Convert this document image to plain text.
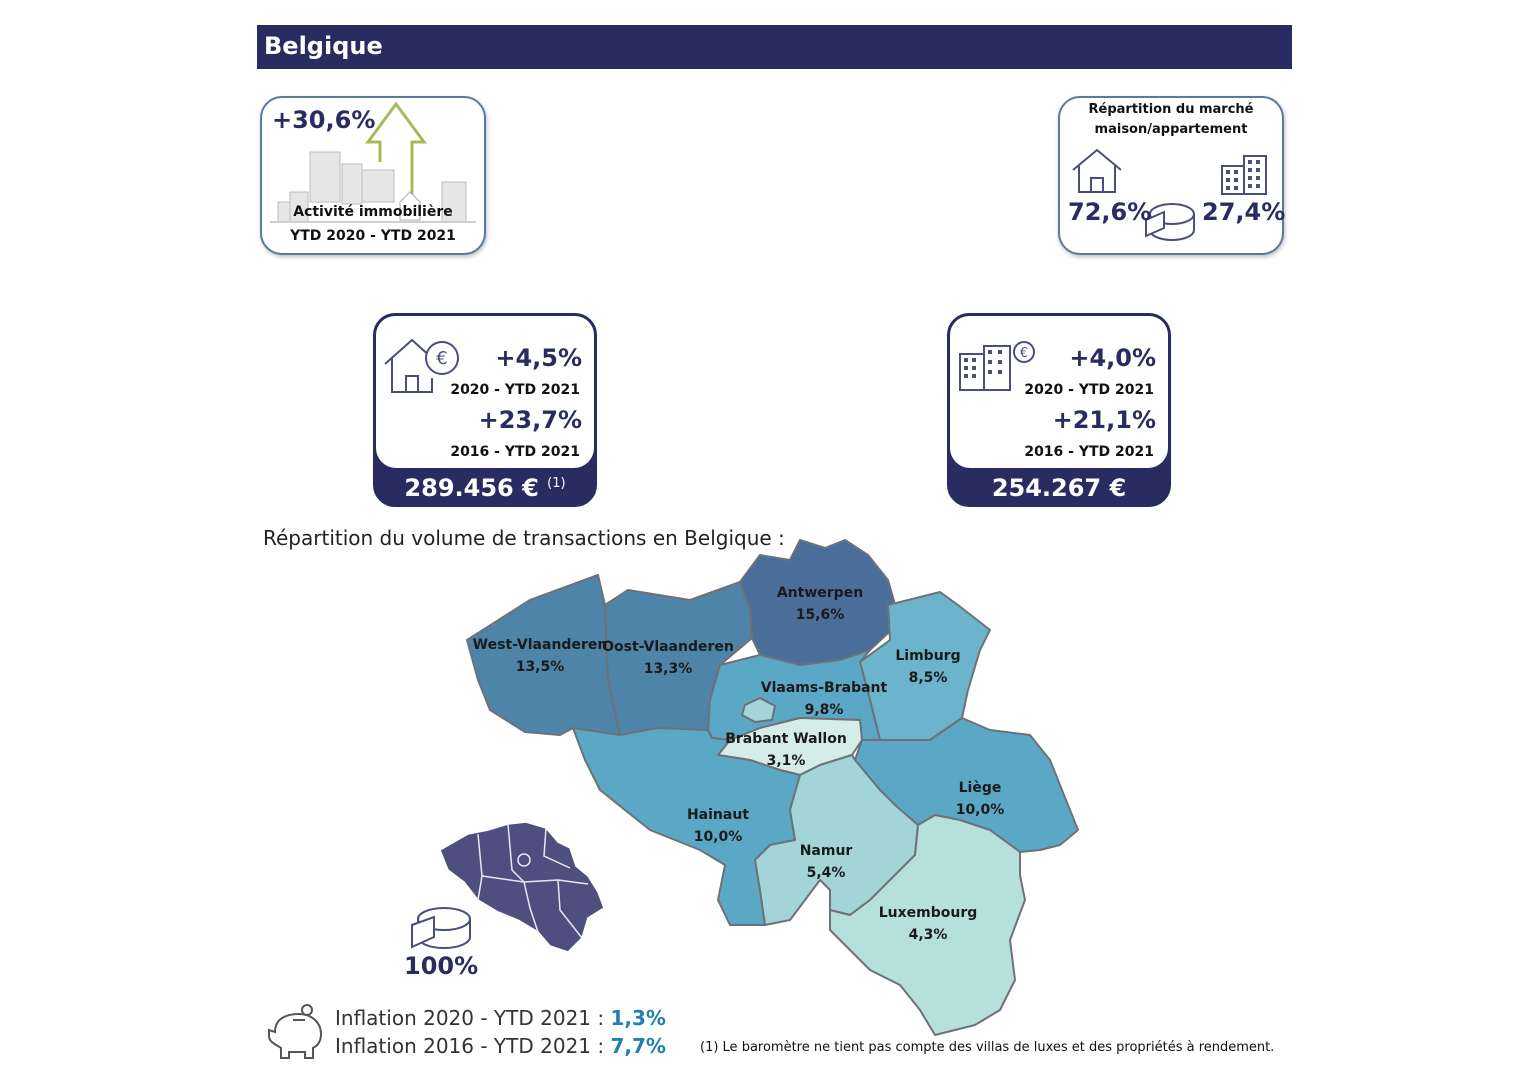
Belgique
+30,6%
Activité immobilière
YTD 2020 - YTD 2021
Répartition du marché
maison/appartement
72,6% 27,4%
€ +4,5%
2020 - YTD 2021
+23,7%
2016 - YTD 2021
289.456 € $^{(1)}$
€ +4,0%
2020 - YTD 2021
+21,1%
2016 - YTD 2021
254.267 €
Répartition du volume de transactions en Belgique :
Antwerpen
15,6%
West-Vlaanderen
13,5%
Oost-Vlaanderen
13,3%
Limburg
8,5%
Vlaams-Brabant
9,8%
Brabant Wallon
3,1%
Hainaut
10,0%
Liège
10,0%
Namur
5,4%
Luxembourg
4,3%
100%
Inflation 2020 - YTD 2021 : 1,3%
Inflation 2016 - YTD 2021 : 7,7%	(1) Le baromètre ne tient pas compte des villas de luxes et des propriétés à rendement.
